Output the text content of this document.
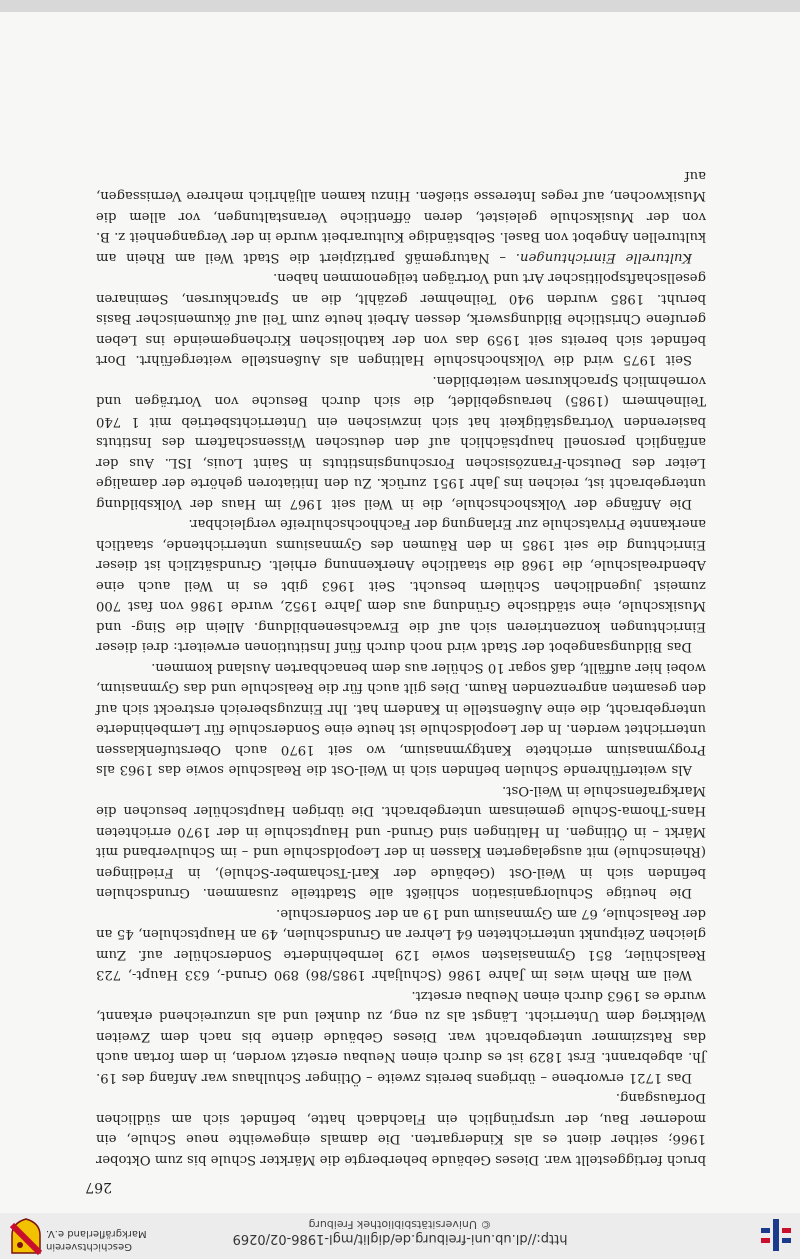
http://dl.ub.uni-freiburg.de/diglit/mgl-1986-02/0269
© Universitätsbibliothek Freiburg
Geschichtsverein
Markgräflerland e.V.
267

bruch fertiggestellt war. Dieses Gebäude beherbergte die Märkter Schule bis zum Oktober 1966; seither dient es als Kindergarten. Die damals eingeweihte neue Schule, ein moderner Bau, der ursprünglich ein Flachdach hatte, befindet sich am südlichen Dorfausgang.

Das 1721 erworbene – übrigens bereits zweite – Ötlinger Schulhaus war Anfang des 19. Jh. abgebrannt. Erst 1829 ist es durch einen Neubau ersetzt worden, in dem fortan auch das Ratszimmer untergebracht war. Dieses Gebäude diente bis nach dem Zweiten Weltkrieg dem Unterricht. Längst als zu eng, zu dunkel und als unzureichend erkannt, wurde es 1963 durch einen Neubau ersetzt.

Weil am Rhein wies im Jahre 1986 (Schuljahr 1985/86) 890 Grund-, 633 Haupt-, 723 Realschüler, 851 Gymnasiasten sowie 129 lernbehinderte Sonderschüler auf. Zum gleichen Zeitpunkt unterrichteten 64 Lehrer an Grundschulen, 49 an Hauptschulen, 45 an der Realschule, 67 am Gymnasium und 19 an der Sonderschule.

Die heutige Schulorganisation schließt alle Stadtteile zusammen. Grundschulen befinden sich in Weil-Ost (Gebäude der Karl-Tschamber-Schule), in Friedlingen (Rheinschule) mit ausgelagerten Klassen in der Leopoldschule und – im Schulverband mit Märkt – in Ötlingen. In Haltingen sind Grund- und Hauptschule in der 1970 errichteten Hans-Thoma-Schule gemeinsam untergebracht. Die übrigen Hauptschüler besuchen die Markgrafenschule in Weil-Ost.

Als weiterführende Schulen befinden sich in Weil-Ost die Realschule sowie das 1963 als Progymnasium errichtete Kantgymnasium, wo seit 1970 auch Oberstufenklassen unterrichtet werden. In der Leopoldschule ist heute eine Sonderschule für Lernbehinderte untergebracht, die eine Außenstelle in Kandern hat. Ihr Einzugsbereich erstreckt sich auf den gesamten angrenzenden Raum. Dies gilt auch für die Realschule und das Gymnasium, wobei hier auffällt, daß sogar 10 Schüler aus dem benachbarten Ausland kommen.

Das Bildungsangebot der Stadt wird noch durch fünf Institutionen erweitert: drei dieser Einrichtungen konzentrieren sich auf die Erwachsenenbildung. Allein die Sing- und Musikschule, eine städtische Gründung aus dem Jahre 1952, wurde 1986 von fast 700 zumeist jugendlichen Schülern besucht. Seit 1963 gibt es in Weil auch eine Abendrealschule, die 1968 die staatliche Anerkennung erhielt. Grundsätzlich ist dieser Einrichtung die seit 1985 in den Räumen des Gymnasiums unterrichtende, staatlich anerkannte Privatschule zur Erlangung der Fachhochschulreife vergleichbar.

Die Anfänge der Volkshochschule, die in Weil seit 1967 im Haus der Volksbildung untergebracht ist, reichen ins Jahr 1951 zurück. Zu den Initiatoren gehörte der damalige Leiter des Deutsch-Französischen Forschungsinstituts in Saint Louis, ISL. Aus der anfänglich personell hauptsächlich auf den deutschen Wissenschaftern des Instituts basierenden Vortragstätigkeit hat sich inzwischen ein Unterrichtsbetrieb mit 1 740 Teilnehmern (1985) herausgebildet, die sich durch Besuche von Vorträgen und vornehmlich Sprachkursen weiterbilden.

Seit 1975 wird die Volkshochschule Haltingen als Außenstelle weitergeführt. Dort befindet sich bereits seit 1959 das von der katholischen Kirchengemeinde ins Leben gerufene Christliche Bildungswerk, dessen Arbeit heute zum Teil auf ökumenischer Basis beruht. 1985 wurden 940 Teilnehmer gezählt, die an Sprachkursen, Seminaren gesellschaftspolitischer Art und Vorträgen teilgenommen haben.

Kulturelle Einrichtungen. – Naturgemäß partizipiert die Stadt Weil am Rhein am kulturellen Angebot von Basel. Selbständige Kulturarbeit wurde in der Vergangenheit z. B. von der Musikschule geleistet, deren öffentliche Veranstaltungen, vor allem die Musikwochen, auf reges Interesse stießen. Hinzu kamen alljährlich mehrere Vernissagen, auf
